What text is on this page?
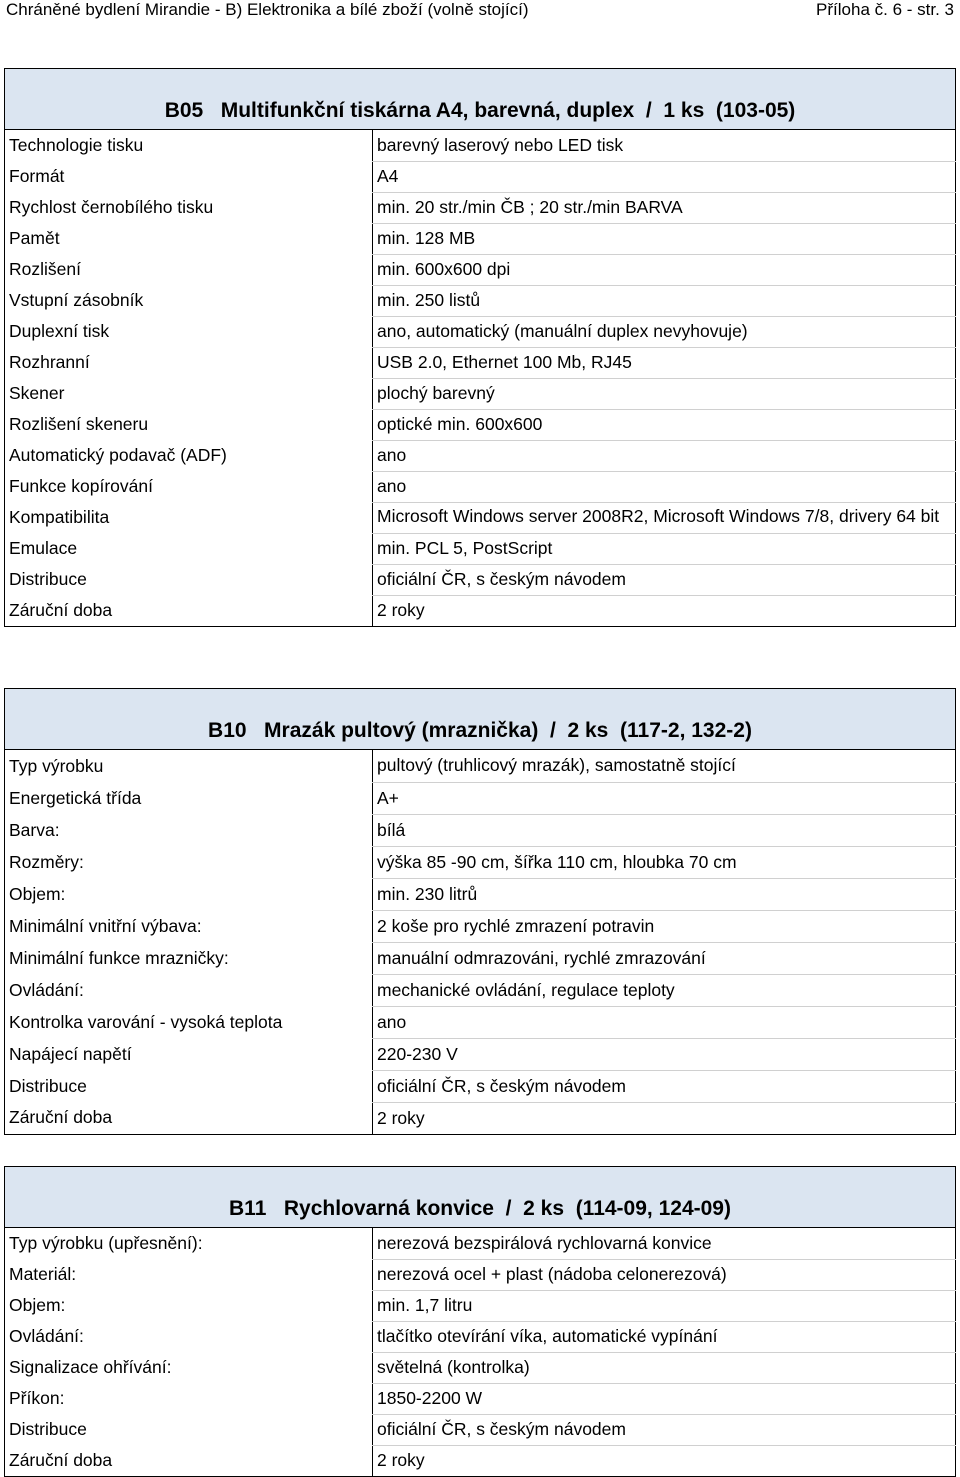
Chráněné bydlení Mirandie - B) Elektronika a bílé zboží (volně stojící)	Příloha č. 6 - str. 3
B05   Multifunkční tiskárna A4, barevná, duplex  /  1 ks  (103-05)
Technologie tisku	barevný laserový nebo LED tisk
Formát	A4
Rychlost černobílého tisku	min. 20 str./min ČB ; 20 str./min BARVA
Pamět	min. 128 MB
Rozlišení	min. 600x600 dpi
Vstupní zásobník	min. 250 listů
Duplexní tisk	ano, automatický (manuální duplex nevyhovuje)
Rozhranní	USB 2.0, Ethernet 100 Mb, RJ45
Skener	plochý barevný
Rozlišení skeneru	optické min. 600x600
Automatický podavač (ADF)	ano
Funkce kopírování	ano
Kompatibilita	Microsoft Windows server 2008R2, Microsoft Windows 7/8, drivery 64 bit
Emulace	min. PCL 5, PostScript
Distribuce	oficiální ČR, s českým návodem
Záruční doba	2 roky
B10   Mrazák pultový (mraznička)  /  2 ks  (117-2, 132-2)
Typ výrobku	pultový (truhlicový mrazák), samostatně stojící
Energetická třída	A+
Barva:	bílá
Rozměry:	výška 85 -90 cm, šířka 110 cm, hloubka 70 cm
Objem:	min. 230 litrů
Minimální vnitřní výbava:	2 koše pro rychlé zmrazení potravin
Minimální funkce mrazničky:	manuální odmrazováni, rychlé zmrazování
Ovládání:	mechanické ovládání, regulace teploty
Kontrolka varování - vysoká teplota	ano
Napájecí napětí	220-230 V
Distribuce	oficiální ČR, s českým návodem
Záruční doba	2 roky
B11   Rychlovarná konvice  /  2 ks  (114-09, 124-09)
Typ výrobku (upřesnění):	nerezová bezspirálová rychlovarná konvice
Materiál:	nerezová ocel + plast (nádoba celonerezová)
Objem:	min. 1,7 litru
Ovládání:	tlačítko otevírání víka, automatické vypínání
Signalizace ohřívání:	světelná (kontrolka)
Příkon:	1850-2200 W
Distribuce	oficiální ČR, s českým návodem
Záruční doba	2 roky
